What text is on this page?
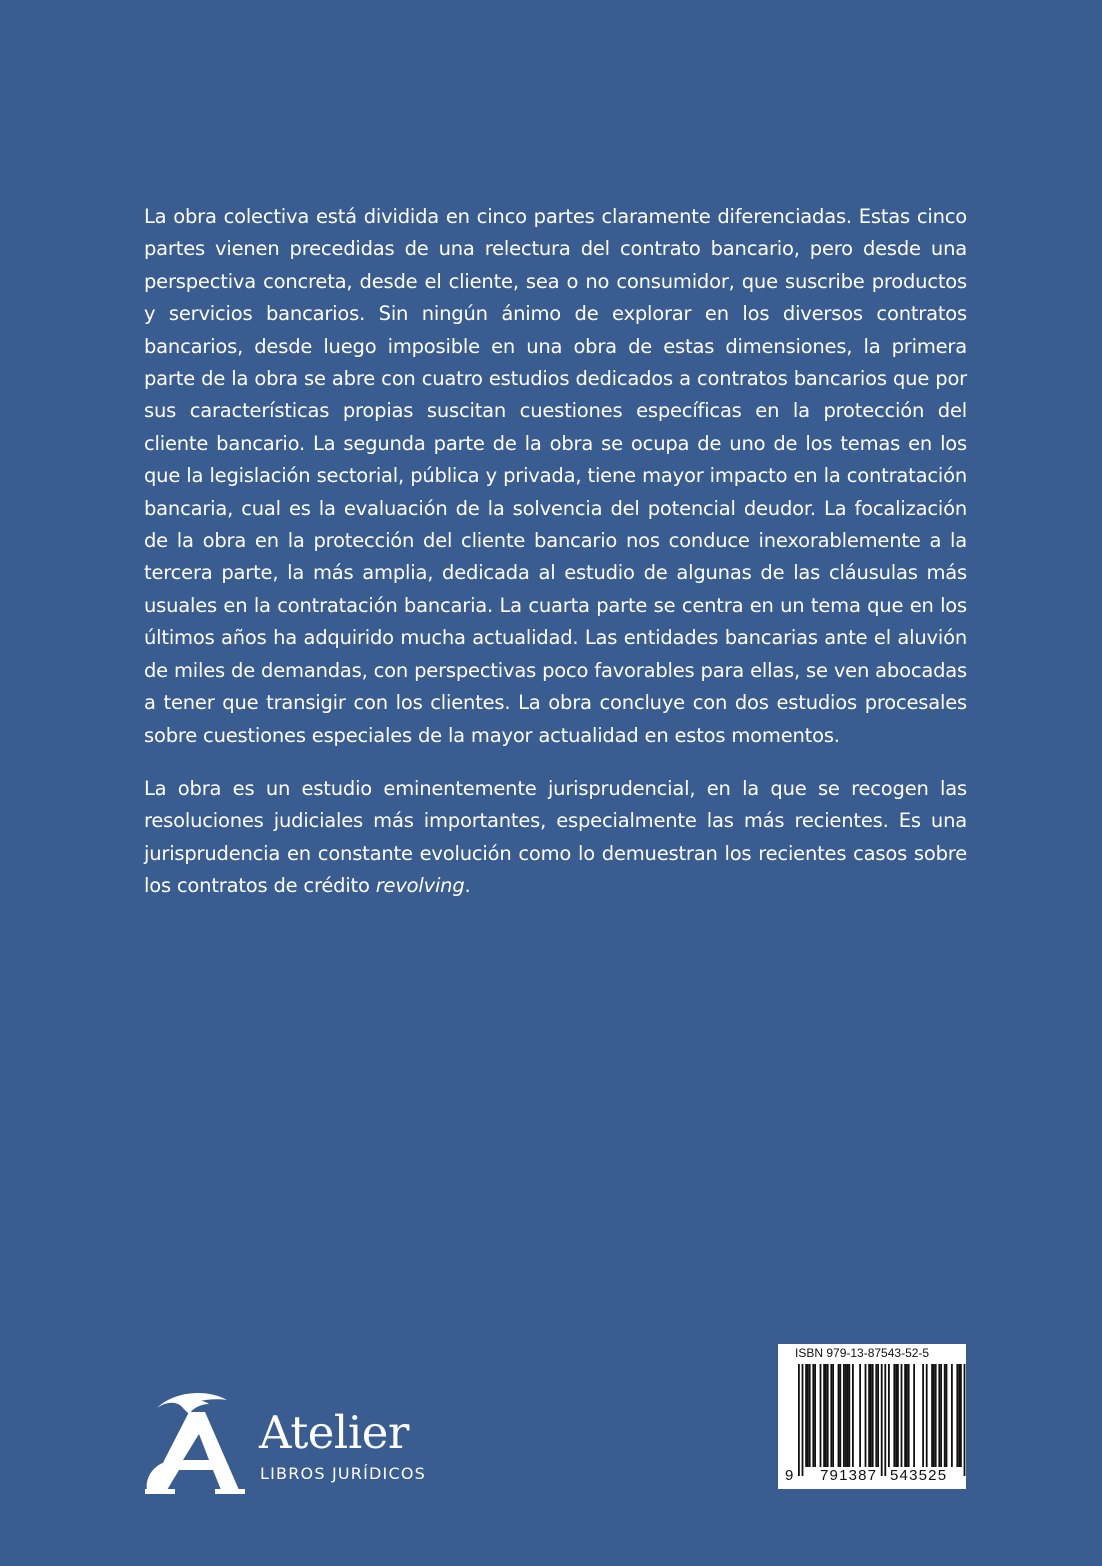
La obra colectiva está dividida en cinco partes claramente diferenciadas. Estas cinco partes vienen precedidas de una relectura del contrato bancario, pero desde una perspectiva concreta, desde el cliente, sea o no consumidor, que suscribe productos y servicios bancarios. Sin ningún ánimo de explorar en los diversos contratos bancarios, desde luego imposible en una obra de estas dimensiones, la primera parte de la obra se abre con cuatro estudios dedicados a contratos bancarios que por sus características propias suscitan cuestiones específicas en la protección del cliente bancario. La segunda parte de la obra se ocupa de uno de los temas en los que la legislación sectorial, pública y privada, tiene mayor impacto en la contratación bancaria, cual es la evaluación de la solvencia del potencial deudor. La focalización de la obra en la protección del cliente bancario nos conduce inexorablemente a la tercera parte, la más amplia, dedicada al estudio de algunas de las cláusulas más usuales en la contratación bancaria. La cuarta parte se centra en un tema que en los últimos años ha adquirido mucha actualidad. Las entidades bancarias ante el aluvión de miles de demandas, con perspectivas poco favorables para ellas, se ven abocadas a tener que transigir con los clientes. La obra concluye con dos estudios procesales sobre cuestiones especiales de la mayor actualidad en estos momentos.

La obra es un estudio eminentemente jurisprudencial, en la que se recogen las resoluciones judiciales más importantes, especialmente las más recientes. Es una jurisprudencia en constante evolución como lo demuestran los recientes casos sobre los contratos de crédito revolving.

Atelier
LIBROS JURÍDICOS
ISBN 979-13-87543-52-5
9 791387 543525
